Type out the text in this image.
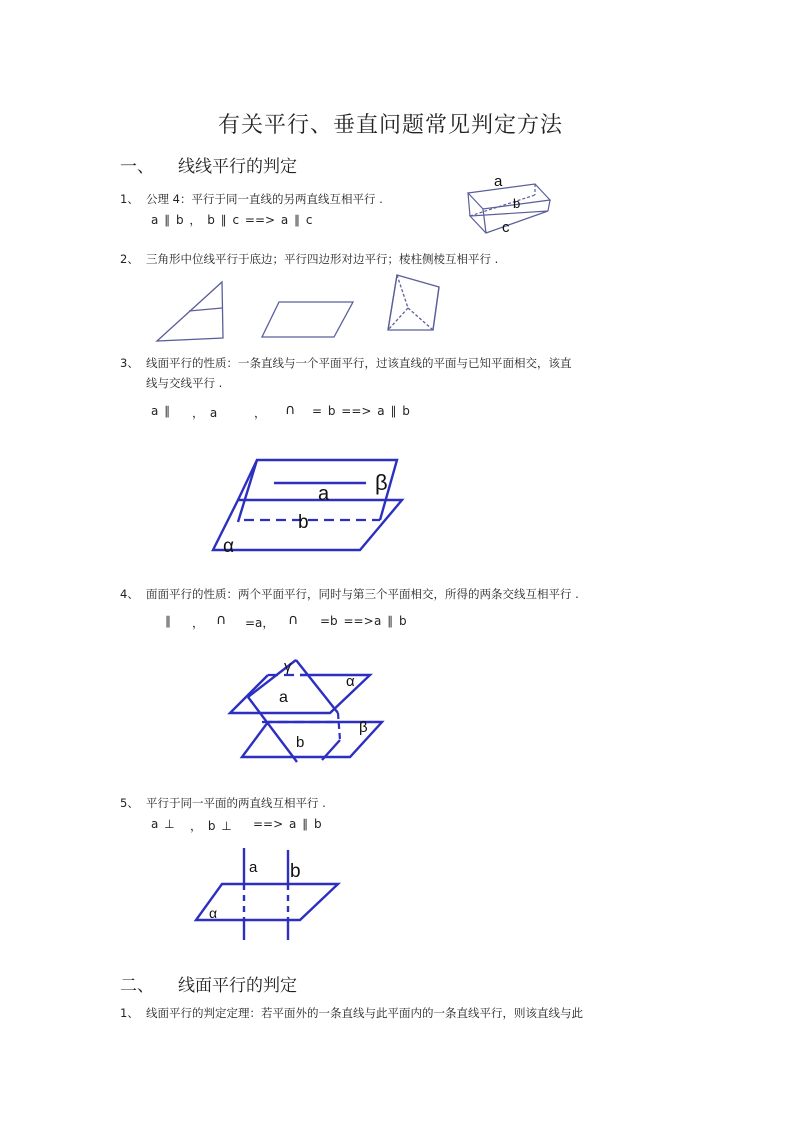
有关平行、垂直问题常见判定方法
一、 线线平行的判定
1、 公理 4：平行于同一直线的另两直线互相平行 .
a ∥ b ， b ∥ c ==> a ∥ c
a
b
c
2、 三角形中位线平行于底边；平行四边形对边平行；棱柱侧棱互相平行 .
3、 线面平行的性质：一条直线与一个平面平行，过该直线的平面与已知平面相交，该直
线与交线平行 .
a ∥ ， a	， ∩ = b ==> a ∥ b
a β
b
α
4、 面面平行的性质：两个平面平行，同时与第三个平面相交，所得的两条交线互相平行 .
∥ ， ∩ =a， ∩ =b ==> a ∥ b
γ
α
a
β
b
5、 平行于同一平面的两直线互相平行 .
a ⊥ ， b ⊥ ==> a ∥ b
a b
α
二、 线面平行的判定
1、 线面平行的判定定理：若平面外的一条直线与此平面内的一条直线平行，则该直线与此
